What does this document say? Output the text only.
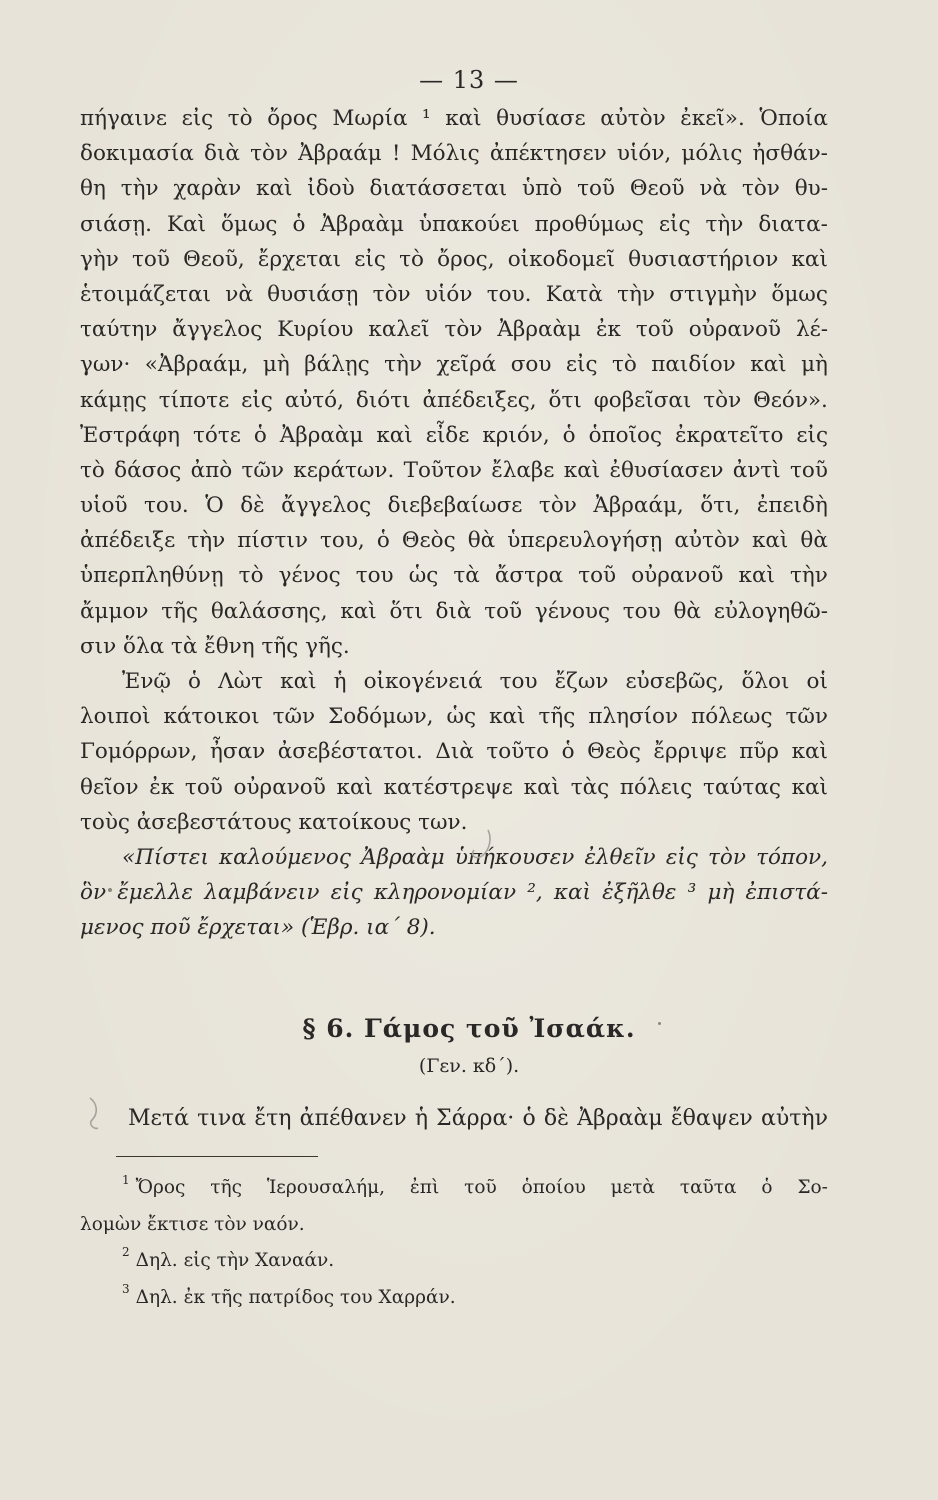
— 13 —
πήγαινε εἰς τὸ ὄρος Μωρία ¹ καὶ θυσίασε αὐτὸν ἐκεῖ». Ὁποία
δοκιμασία διὰ τὸν Ἀβραάμ ! Μόλις ἀπέκτησεν υἱόν, μόλις ἠσθάν-
θη τὴν χαρὰν καὶ ἰδοὺ διατάσσεται ὑπὸ τοῦ Θεοῦ νὰ τὸν θυ-
σιάσῃ. Καὶ ὅμως ὁ Ἀβραὰμ ὑπακούει προθύμως εἰς τὴν διατα-
γὴν τοῦ Θεοῦ, ἔρχεται εἰς τὸ ὄρος, οἰκοδομεῖ θυσιαστήριον καὶ
ἑτοιμάζεται νὰ θυσιάσῃ τὸν υἱόν του. Κατὰ τὴν στιγμὴν ὅμως
ταύτην ἄγγελος Κυρίου καλεῖ τὸν Ἀβραὰμ ἐκ τοῦ οὐρανοῦ λέ-
γων· «Ἀβραάμ, μὴ βάλῃς τὴν χεῖρά σου εἰς τὸ παιδίον καὶ μὴ
κάμῃς τίποτε εἰς αὐτό, διότι ἀπέδειξες, ὅτι φοβεῖσαι τὸν Θεόν».
Ἐστράφη τότε ὁ Ἀβραὰμ καὶ εἶδε κριόν, ὁ ὁποῖος ἐκρατεῖτο εἰς
τὸ δάσος ἀπὸ τῶν κεράτων. Τοῦτον ἔλαβε καὶ ἐθυσίασεν ἀντὶ τοῦ
υἱοῦ του. Ὁ δὲ ἄγγελος διεβεβαίωσε τὸν Ἀβραάμ, ὅτι, ἐπειδὴ
ἀπέδειξε τὴν πίστιν του, ὁ Θεὸς θὰ ὑπερευλογήσῃ αὐτὸν καὶ θὰ
ὑπερπληθύνῃ τὸ γένος του ὡς τὰ ἄστρα τοῦ οὐρανοῦ καὶ τὴν
ἄμμον τῆς θαλάσσης, καὶ ὅτι διὰ τοῦ γένους του θὰ εὐλογηθῶ-
σιν ὅλα τὰ ἔθνη τῆς γῆς.
Ἐνῷ ὁ Λὼτ καὶ ἡ οἰκογένειά του ἔζων εὐσεβῶς, ὅλοι οἱ
λοιποὶ κάτοικοι τῶν Σοδόμων, ὡς καὶ τῆς πλησίον πόλεως τῶν
Γομόρρων, ἦσαν ἀσεβέστατοι. Διὰ τοῦτο ὁ Θεὸς ἔρριψε πῦρ καὶ
θεῖον ἐκ τοῦ οὐρανοῦ καὶ κατέστρεψε καὶ τὰς πόλεις ταύτας καὶ
τοὺς ἀσεβεστάτους κατοίκους των.
«Πίστει καλούμενος Ἀβραὰμ ὑπήκουσεν ἐλθεῖν εἰς τὸν τόπον,
ὃν ἔμελλε λαμβάνειν εἰς κληρονομίαν ², καὶ ἐξῆλθε ³ μὴ ἐπιστά-
μενος ποῦ ἔρχεται» (Ἑβρ. ια´ 8).
§ 6. Γάμος τοῦ Ἰσαάκ.
(Γεν. κδ´).
Μετά τινα ἔτη ἀπέθανεν ἡ Σάρρα· ὁ δὲ Ἀβραὰμ ἔθαψεν αὐτὴν
$^1$ Ὄρος τῆς Ἱερουσαλήμ, ἐπὶ τοῦ ὁποίου μετὰ ταῦτα ὁ Σο-
λομὼν ἔκτισε τὸν ναόν.
2 Δηλ. εἰς τὴν Χαναάν.
3 Δηλ. ἐκ τῆς πατρίδος του Χαρράν.
